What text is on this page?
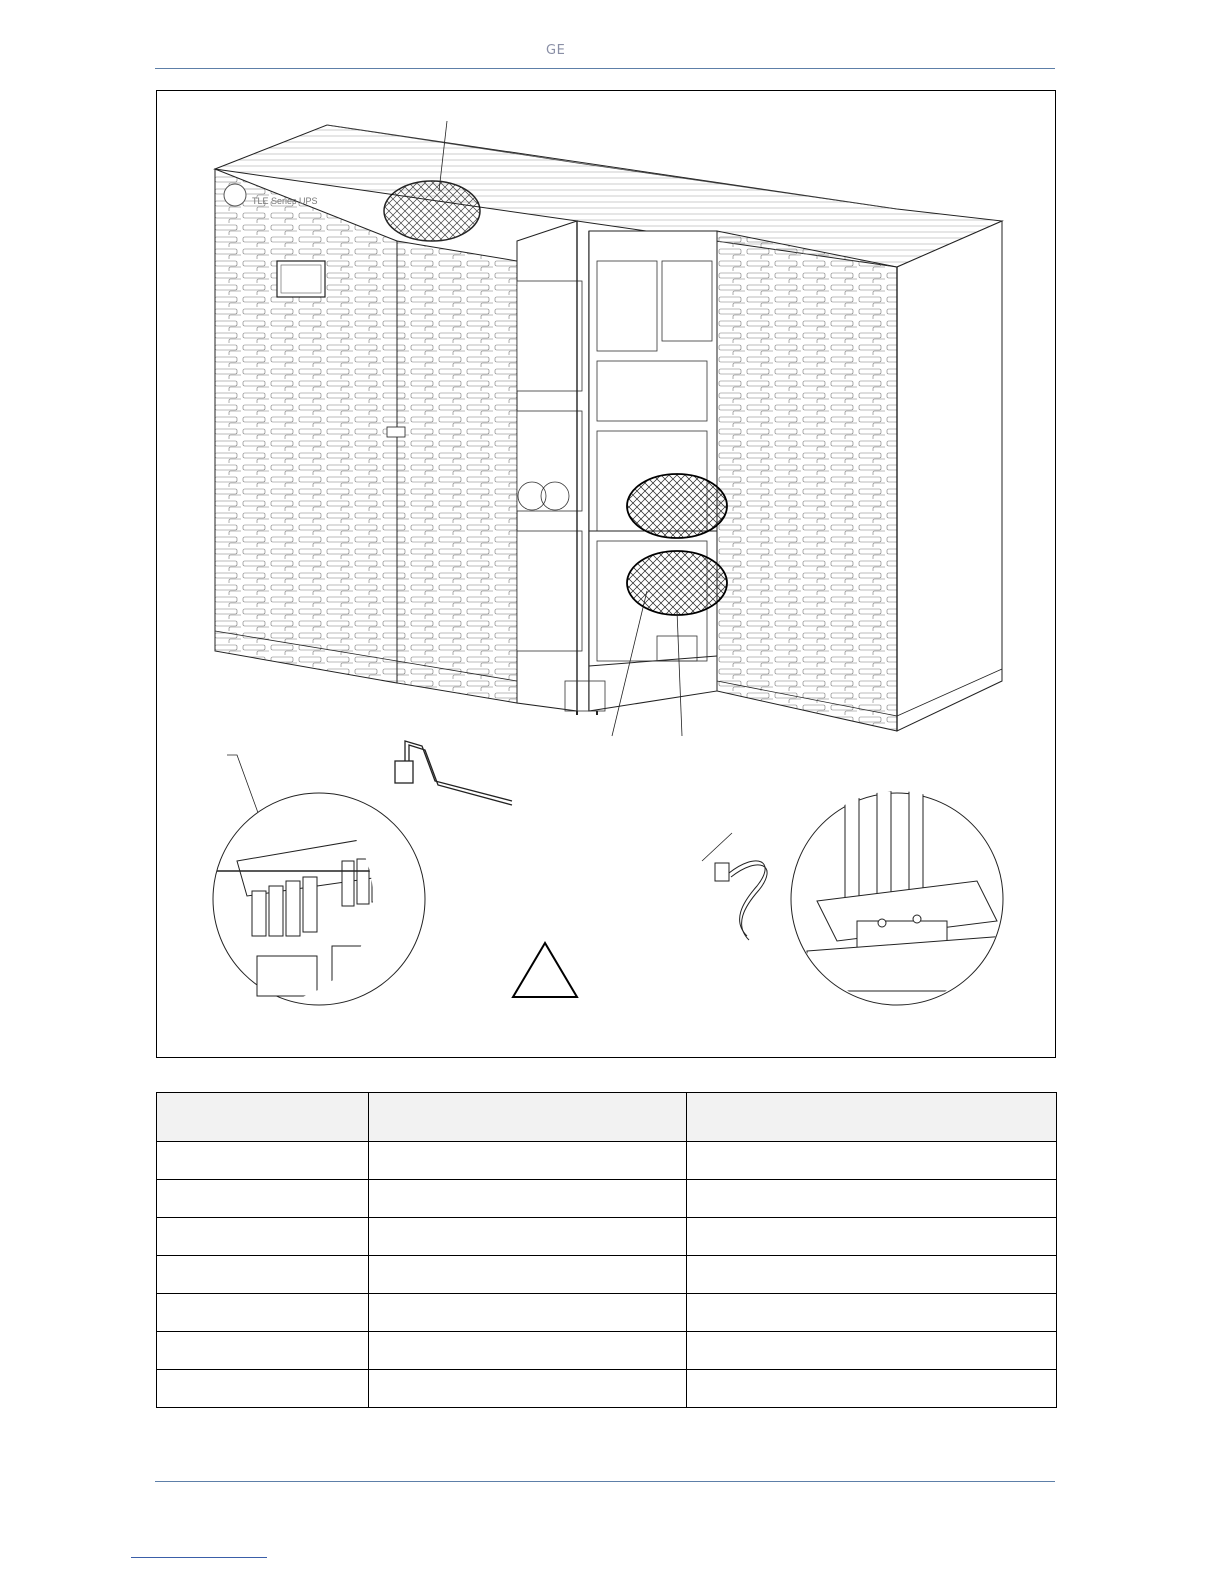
GE
TLE Series UPS
